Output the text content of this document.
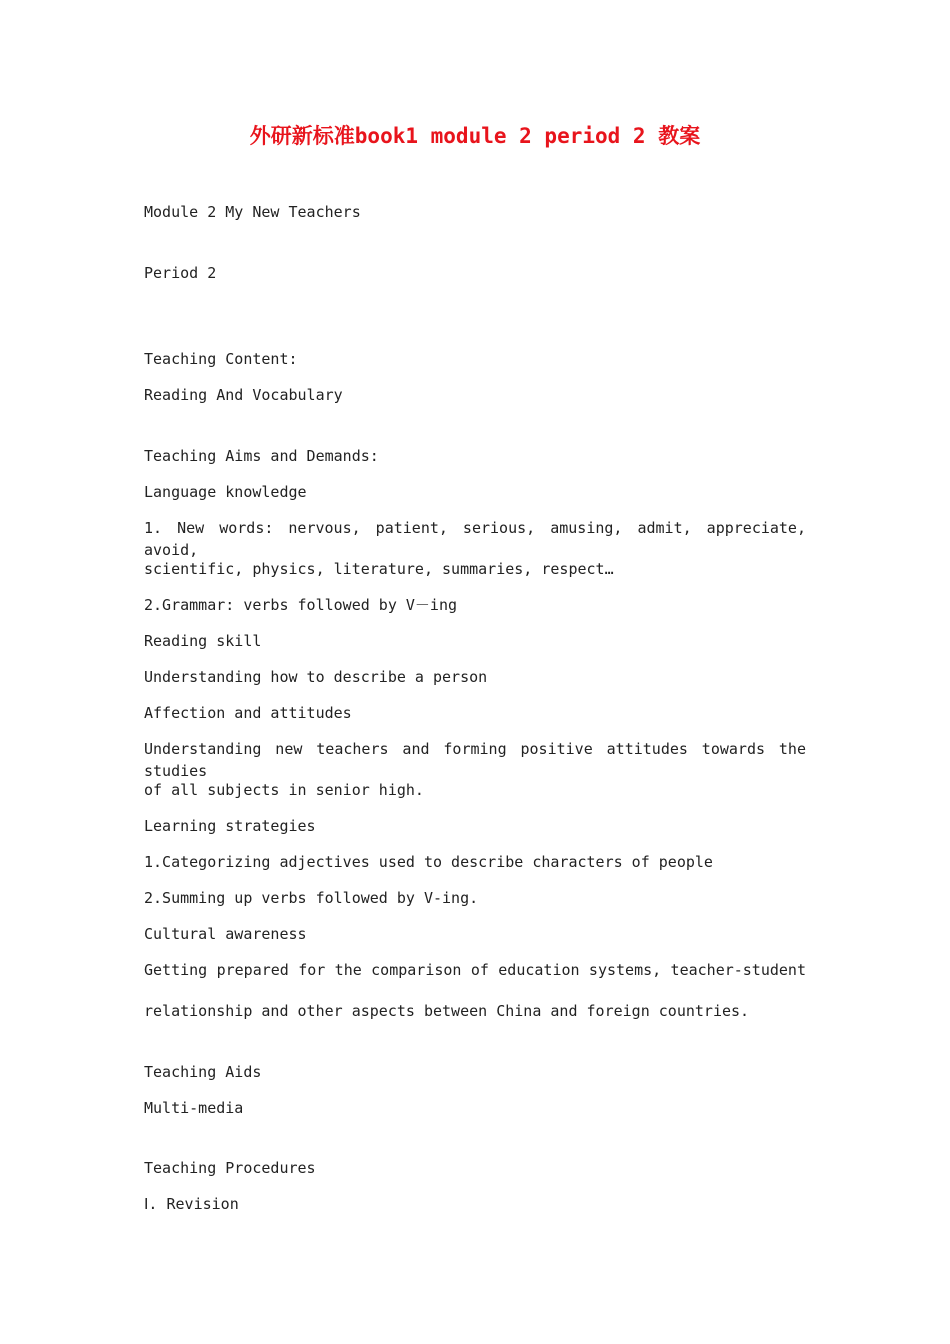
外研新标准book1 module 2 period 2 教案

Module 2 My New Teachers

Period 2

Teaching Content:

Reading And Vocabulary

Teaching Aims and Demands:

Language knowledge

1. New words: nervous, patient, serious, amusing, admit, appreciate, avoid,

scientific, physics, literature, summaries, respect…

2.Grammar: verbs followed by V－ing

Reading skill

Understanding how to describe a person

Affection and attitudes

Understanding new teachers and forming positive attitudes towards the studies

of all subjects in senior high.

Learning strategies

1.Categorizing adjectives used to describe characters of people

2.Summing up verbs followed by V-ing.

Cultural awareness

Getting prepared for the comparison of education systems, teacher-student

relationship and other aspects between China and foreign countries.

Teaching Aids

Multi-media

Teaching Procedures

Ⅰ. Revision
